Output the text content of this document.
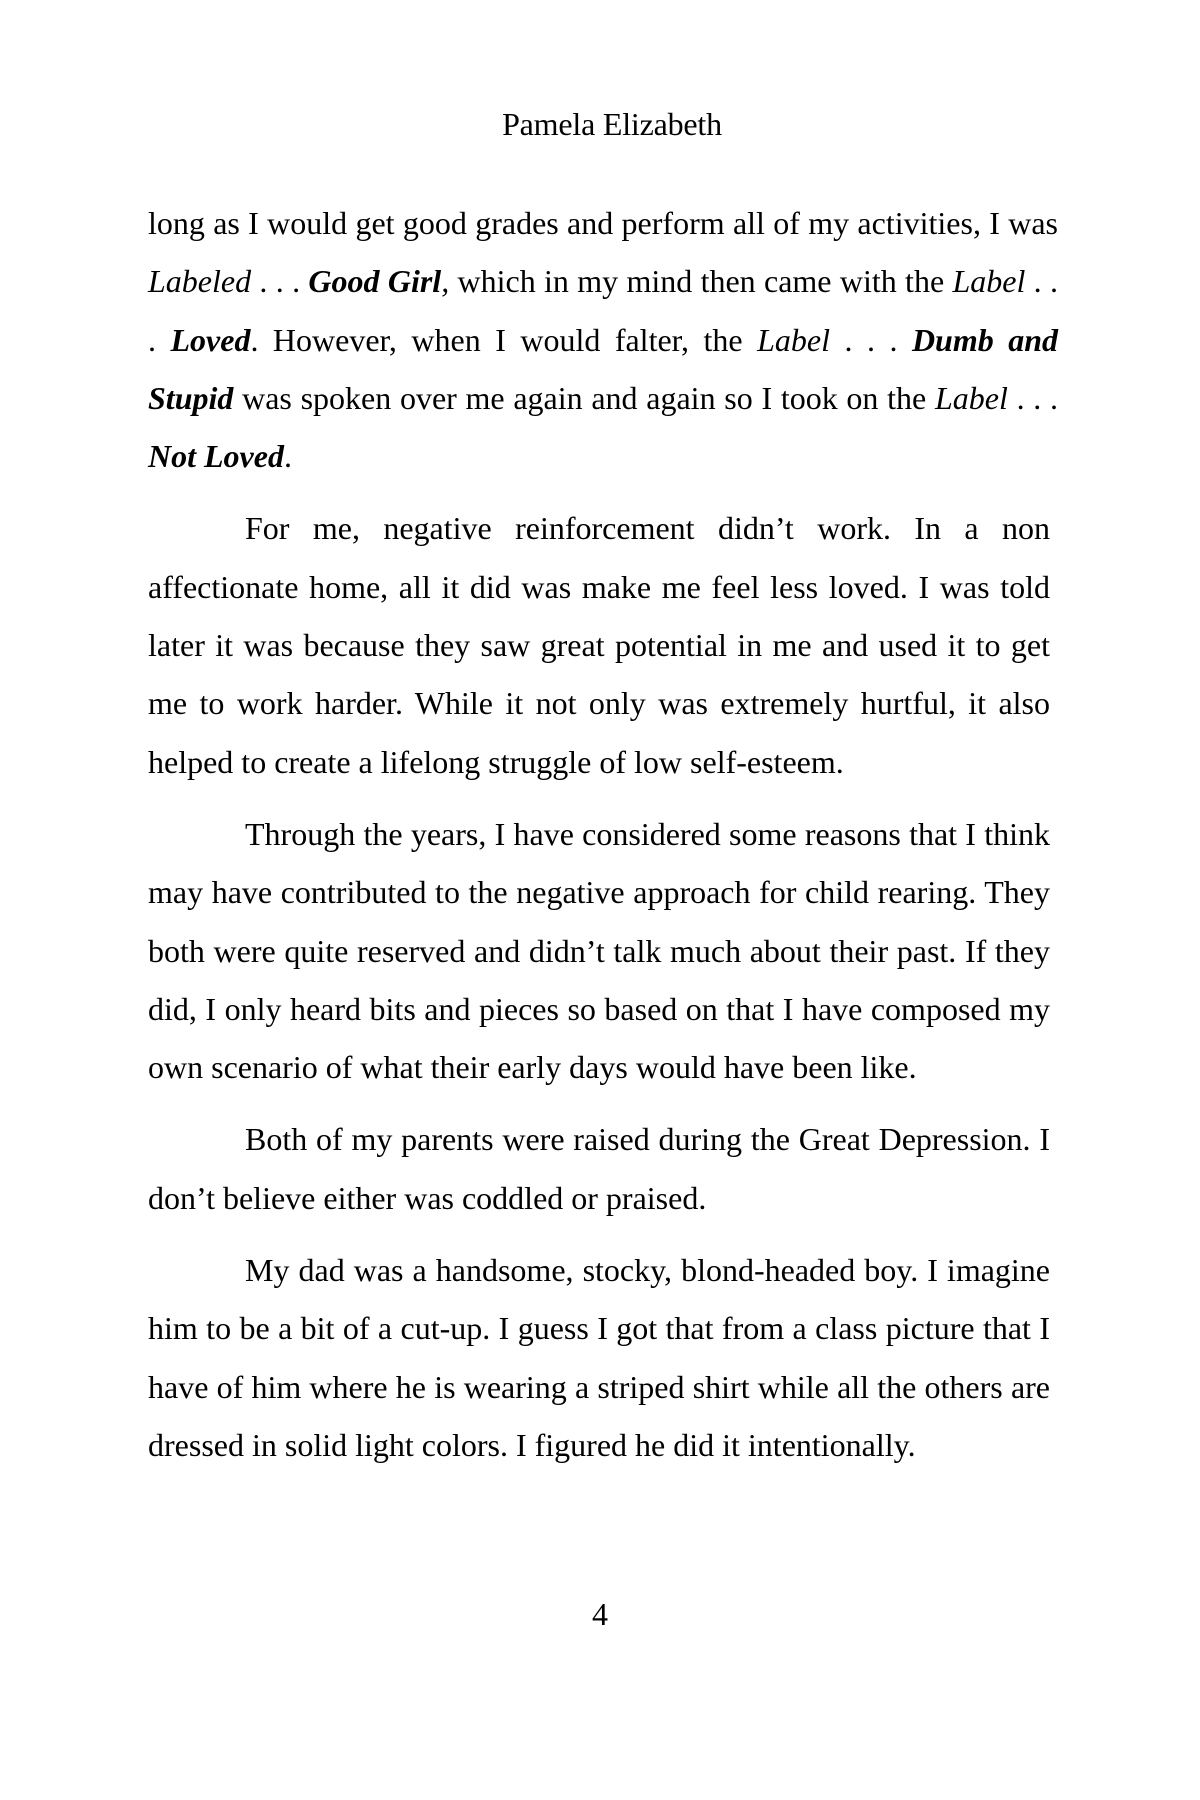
Pamela Elizabeth

long as I would get good grades and perform all of my activities, I was Labeled . . . Good Girl, which in my mind then came with the Label . . . Loved. However, when I would falter, the Label . . . Dumb and Stupid was spoken over me again and again so I took on the Label . . . Not Loved.

For me, negative reinforcement didn’t work. In a non affectionate home, all it did was make me feel less loved. I was told later it was because they saw great potential in me and used it to get me to work harder. While it not only was extremely hurtful, it also helped to create a lifelong struggle of low self-esteem.

Through the years, I have considered some reasons that I think may have contributed to the negative approach for child rearing. They both were quite reserved and didn’t talk much about their past. If they did, I only heard bits and pieces so based on that I have composed my own scenario of what their early days would have been like.

Both of my parents were raised during the Great Depression. I don’t believe either was coddled or praised.

My dad was a handsome, stocky, blond-headed boy. I imagine him to be a bit of a cut-up. I guess I got that from a class picture that I have of him where he is wearing a striped shirt while all the others are dressed in solid light colors. I figured he did it intentionally.

4
